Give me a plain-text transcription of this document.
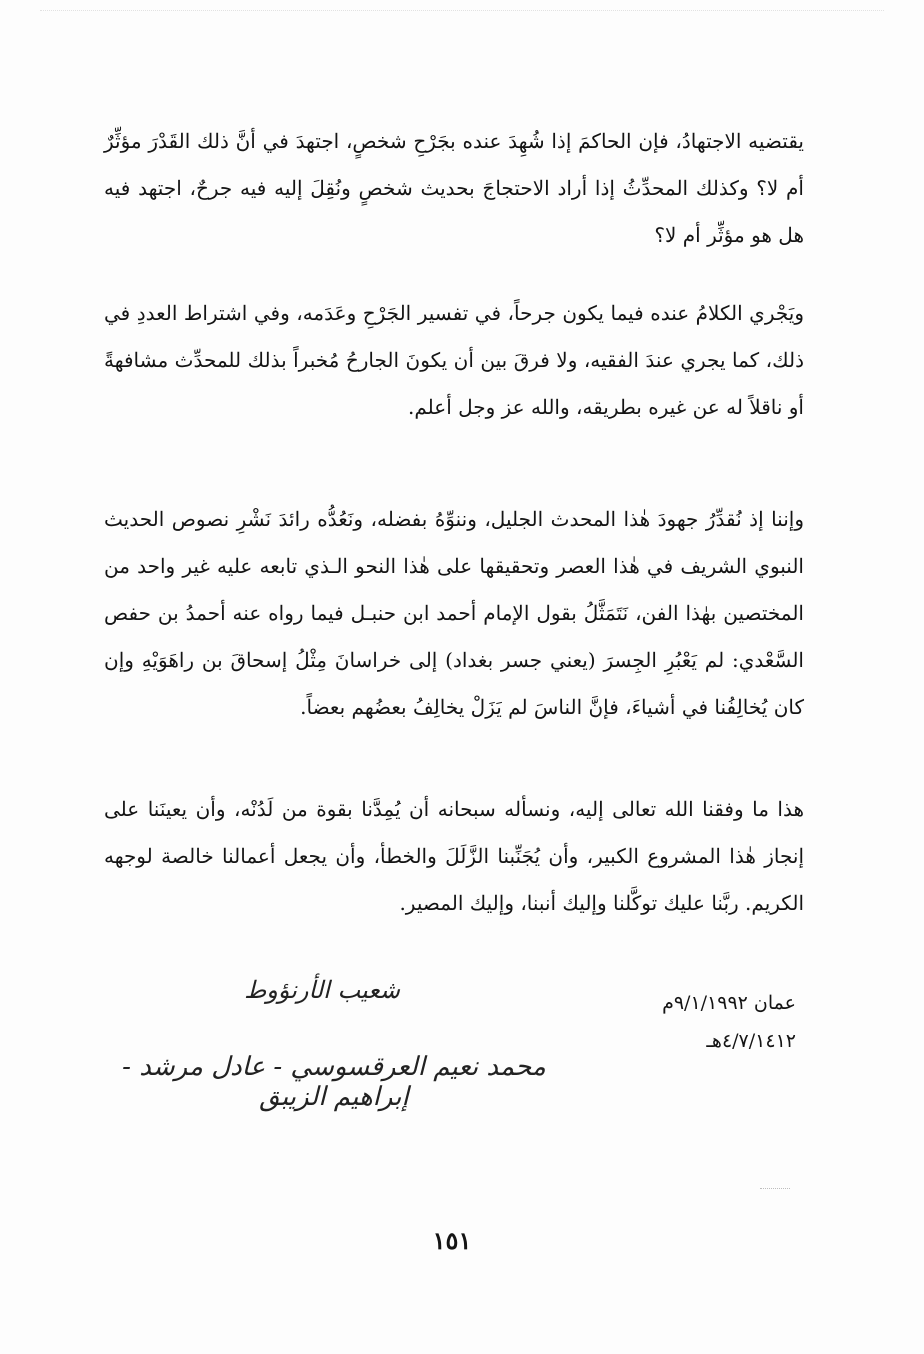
يقتضيه الاجتهادُ، فإن الحاكمَ إذا شُهِدَ عنده بجَرْحِ شخصٍ، اجتهدَ في أنَّ ذلك القَدْرَ مؤثِّرٌ أم لا؟ وكذلك المحدِّثُ إذا أراد الاحتجاجَ بحديث شخصٍ ونُقِلَ إليه فيه جرحٌ، اجتهد فيه هل هو مؤثِّر أم لا؟

ويَجْري الكلامُ عنده فيما يكون جرحاً، في تفسير الجَرْحِ وعَدَمه، وفي اشتراط العددِ في ذلك، كما يجري عندَ الفقيه، ولا فرقَ بين أن يكونَ الجارحُ مُخبراً بذلك للمحدِّث مشافهةً أو ناقلاً له عن غيره بطريقه، والله عز وجل أعلم.

وإننا إذ نُقدِّرُ جهودَ هٰذا المحدث الجليل، وننوِّهُ بفضله، ونَعُدُّه رائدَ نَشْرِ نصوص الحديث النبوي الشريف في هٰذا العصر وتحقيقها على هٰذا النحو الـذي تابعه عليه غير واحد من المختصين بهٰذا الفن، نَتَمَثَّلُ بقول الإمام أحمد ابن حنبـل فيما رواه عنه أحمدُ بن حفص السَّعْدي: لم يَعْبُرِ الجِسرَ (يعني جسر بغداد) إلى خراسانَ مِثْلُ إسحاقَ بن راهَوَيْهِ وإن كان يُخالِفُنا في أشياءَ، فإنَّ الناسَ لم يَزَلْ يخالِفُ بعضُهم بعضاً.

هذا ما وفقنا الله تعالى إليه، ونسأله سبحانه أن يُمِدَّنا بقوة من لَدُنْه، وأن يعينَنا على إنجاز هٰذا المشروع الكبير، وأن يُجَنِّبنا الزَّلَلَ والخطأ، وأن يجعل أعمالنا خالصة لوجهه الكريم. ربَّنا عليك توكَّلنا وإليك أنبنا، وإليك المصير.

عمان ٩/١/١٩٩٢م
٤/٧/١٤١٢هـ
شعيب الأرنؤوط
محمد نعيم العرقسوسي - عادل مرشد - إبراهيم الزيبق
١٥١
